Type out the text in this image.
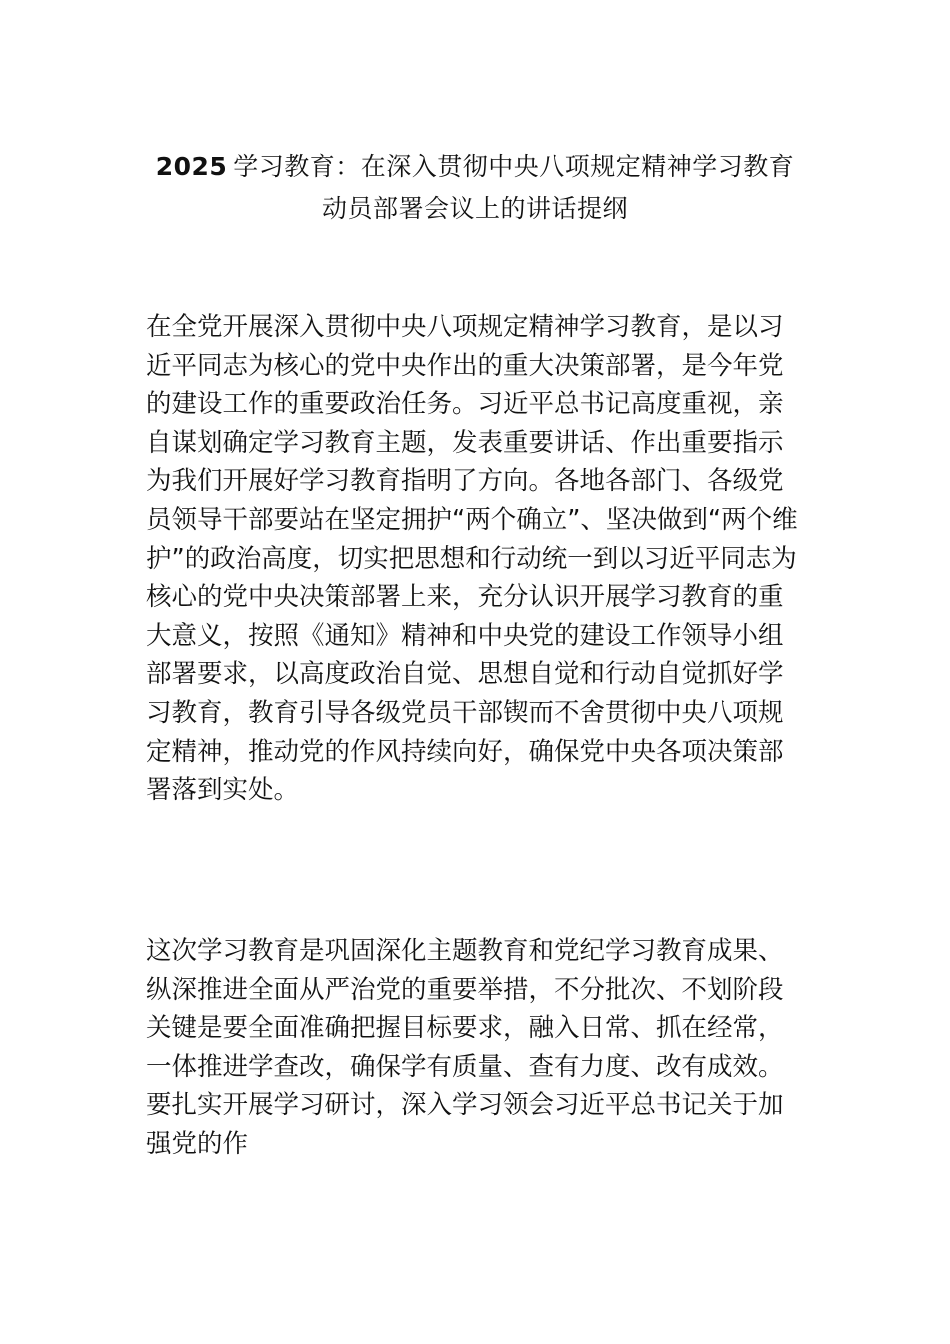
2025 学习教育：在深入贯彻中央八项规定精神学习教育
动员部署会议上的讲话提纲

在全党开展深入贯彻中央八项规定精神学习教育，是以习近平同志为核心的党中央作出的重大决策部署，是今年党的建设工作的重要政治任务。习近平总书记高度重视，亲自谋划确定学习教育主题，发表重要讲话、作出重要指示为我们开展好学习教育指明了方向。各地各部门、各级党员领导干部要站在坚定拥护“两个确立”、坚决做到“两个维护”的政治高度，切实把思想和行动统一到以习近平同志为核心的党中央决策部署上来，充分认识开展学习教育的重大意义，按照《通知》精神和中央党的建设工作领导小组部署要求，以高度政治自觉、思想自觉和行动自觉抓好学习教育，教育引导各级党员干部锲而不舍贯彻中央八项规定精神，推动党的作风持续向好，确保党中央各项决策部署落到实处。

这次学习教育是巩固深化主题教育和党纪学习教育成果、纵深推进全面从严治党的重要举措，不分批次、不划阶段关键是要全面准确把握目标要求，融入日常、抓在经常，一体推进学查改，确保学有质量、查有力度、改有成效。要扎实开展学习研讨，深入学习领会习近平总书记关于加强党的作
